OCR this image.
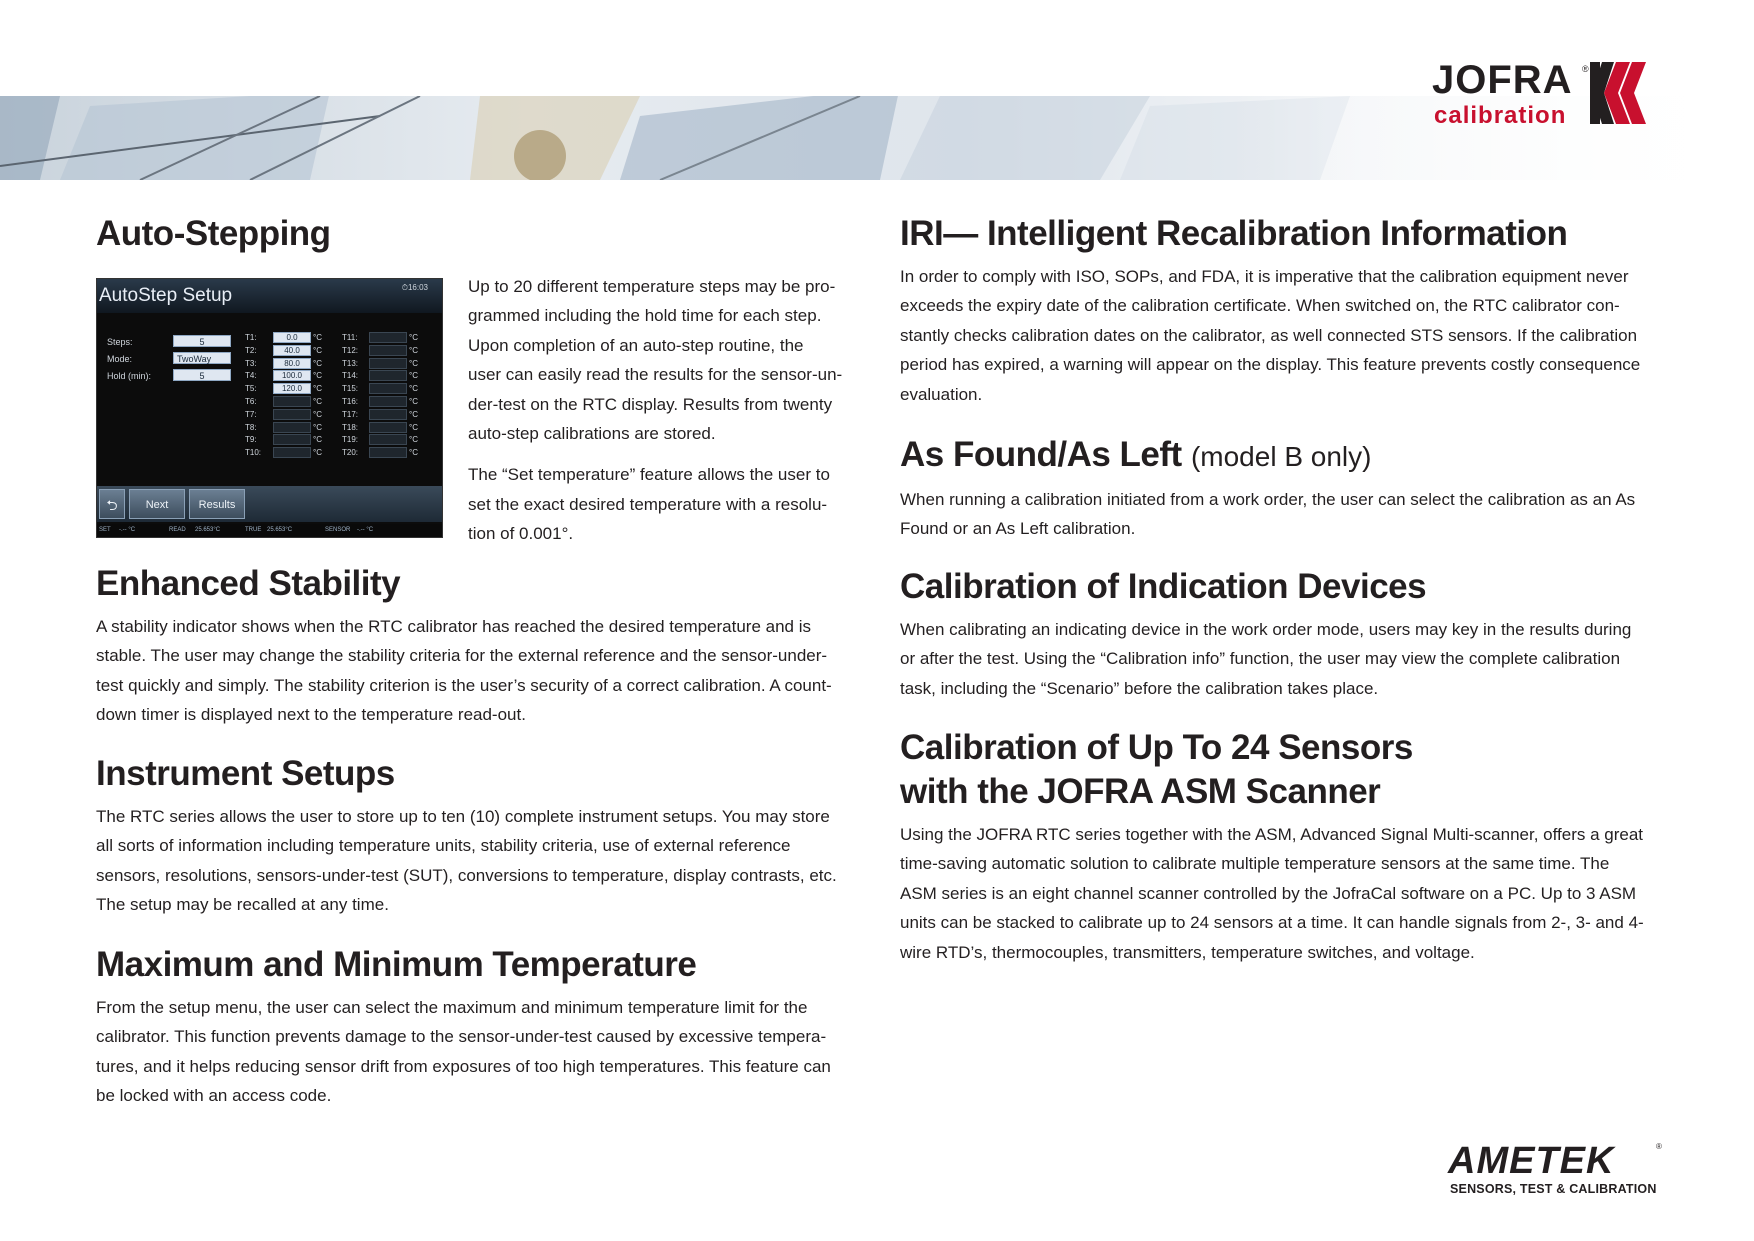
JOFRA ®
calibration
Auto-Stepping
AutoStep Setup	⏱16:03
Steps:	5
Mode:	TwoWay
Hold (min):	5
T1:	0.0	°C
T2:	40.0	°C
T3:	80.0	°C
T4:	100.0	°C
T5:	120.0	°C
T6:	°C
T7:	°C
T8:	°C
T9:	°C
T10:	°C
T11:	°C
T12:	°C
T13:	°C
T14:	°C
T15:	°C
T16:	°C
T17:	°C
T18:	°C
T19:	°C
T20:	°C
⮌	Next	Results
SET -.-- °C	READ 25.653°C	TRUE 25.653°C	SENSOR -.-- °C

Up to 20 different temperature steps may be pro-
grammed including the hold time for each step.
Upon completion of an auto-step routine, the
user can easily read the results for the sensor-un-
der-test on the RTC display. Results from twenty
auto-step calibrations are stored.

The “Set temperature” feature allows the user to
set the exact desired temperature with a resolu-
tion of 0.001°.

Enhanced Stability

A stability indicator shows when the RTC calibrator has reached the desired temperature and is
stable. The user may change the stability criteria for the external reference and the sensor-under-
test quickly and simply. The stability criterion is the user’s security of a correct calibration. A count-
down timer is displayed next to the temperature read-out.

Instrument Setups

The RTC series allows the user to store up to ten (10) complete instrument setups. You may store
all sorts of information including temperature units, stability criteria, use of external reference
sensors, resolutions, sensors-under-test (SUT), conversions to temperature, display contrasts, etc.
The setup may be recalled at any time.

Maximum and Minimum Temperature

From the setup menu, the user can select the maximum and minimum temperature limit for the
calibrator. This function prevents damage to the sensor-under-test caused by excessive tempera-
tures, and it helps reducing sensor drift from exposures of too high temperatures. This feature can
be locked with an access code.

IRI— Intelligent Recalibration Information

In order to comply with ISO, SOPs, and FDA, it is imperative that the calibration equipment never
exceeds the expiry date of the calibration certificate. When switched on, the RTC calibrator con-
stantly checks calibration dates on the calibrator, as well connected STS sensors. If the calibration
period has expired, a warning will appear on the display. This feature prevents costly consequence
evaluation.

As Found/As Left (model B only)

When running a calibration initiated from a work order, the user can select the calibration as an As
Found or an As Left calibration.

Calibration of Indication Devices

When calibrating an indicating device in the work order mode, users may key in the results during
or after the test. Using the “Calibration info” function, the user may view the complete calibration
task, including the “Scenario” before the calibration takes place.

Calibration of Up To 24 Sensors
with the JOFRA ASM Scanner

Using the JOFRA RTC series together with the ASM, Advanced Signal Multi-scanner, offers a great
time-saving automatic solution to calibrate multiple temperature sensors at the same time. The
ASM series is an eight channel scanner controlled by the JofraCal software on a PC. Up to 3 ASM
units can be stacked to calibrate up to 24 sensors at a time. It can handle signals from 2-, 3- and 4-
wire RTD’s, thermocouples, transmitters, temperature switches, and voltage.

AMETEK	®
SENSORS, TEST & CALIBRATION
